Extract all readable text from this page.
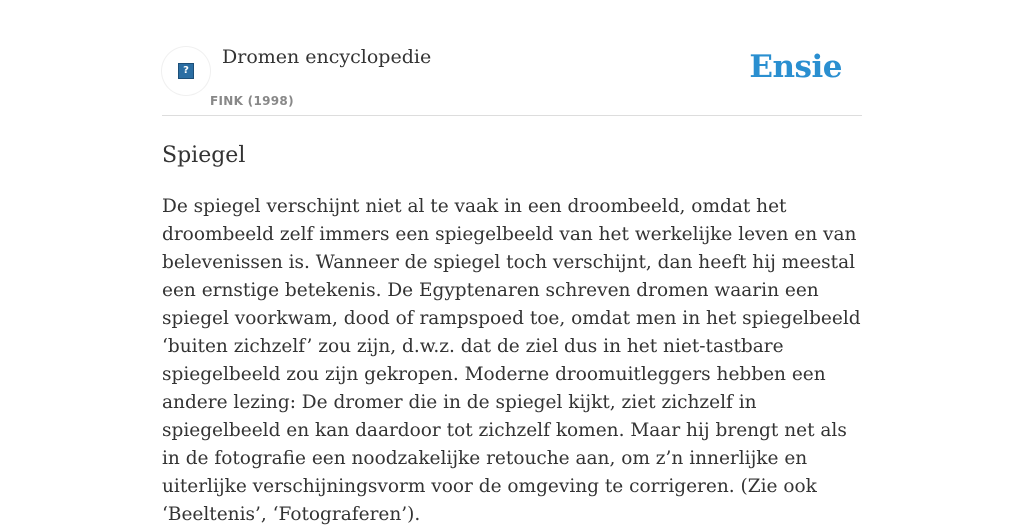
?
Dromen encyclopedie
FINK (1998)
Ensie
Spiegel
De spiegel verschijnt niet al te vaak in een droombeeld, omdat het droombeeld zelf immers een spiegelbeeld van het werkelijke leven en van belevenissen is. Wanneer de spiegel toch verschijnt, dan heeft hij meestal een ernstige betekenis. De Egyptenaren schreven dromen waarin een spiegel voorkwam, dood of rampspoed toe, omdat men in het spiegelbeeld ‘buiten zichzelf’ zou zijn, d.w.z. dat de ziel dus in het niet-tastbare spiegelbeeld zou zijn gekropen. Moderne droomuitleggers hebben een andere lezing: De dromer die in de spiegel kijkt, ziet zichzelf in spiegelbeeld en kan daardoor tot zichzelf komen. Maar hij brengt net als in de fotografie een noodzakelijke retouche aan, om z’n innerlijke en uiterlijke verschijningsvorm voor de omgeving te corrigeren. (Zie ook ‘Beeltenis’, ‘Fotograferen’).
